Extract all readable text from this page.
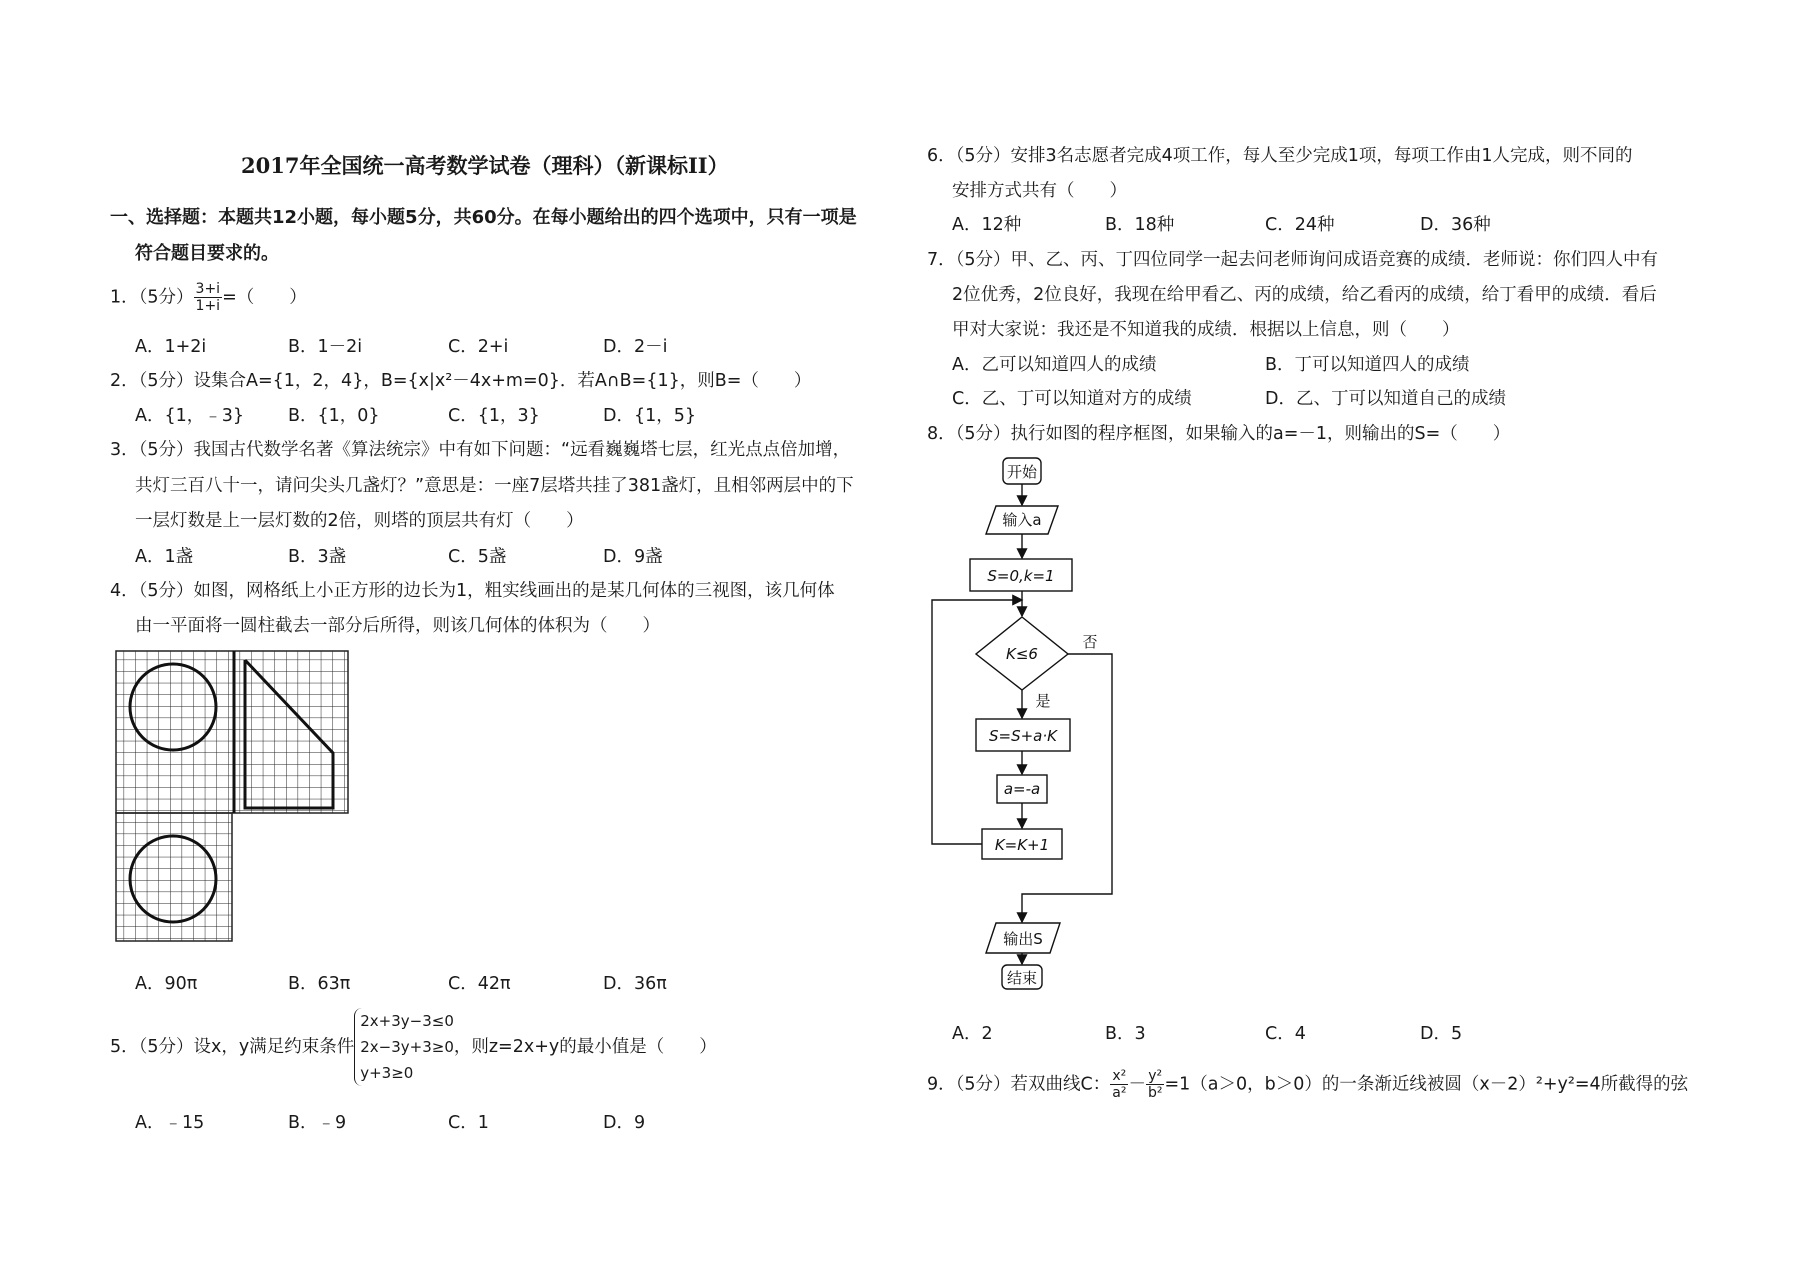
2017年全国统一高考数学试卷（理科）（新课标II）
一、选择题：本题共12小题，每小题5分，共60分。在每小题给出的四个选项中，只有一项是
符合题目要求的。
1．（5分） $\frac{3+i}{1+i}$ =（　　）
A．1+2i	B．1－2i	C．2+i	D．2－i
2．（5分）设集合A={1，2，4}，B={x|x²－4x+m=0}．若A∩B={1}，则B=（　　）
A．{1，﹣3}	B．{1，0}	C．{1，3}	D．{1，5}
3．（5分）我国古代数学名著《算法统宗》中有如下问题：“远看巍巍塔七层，红光点点倍加增，
共灯三百八十一，请问尖头几盏灯？”意思是：一座7层塔共挂了381盏灯，且相邻两层中的下
一层灯数是上一层灯数的2倍，则塔的顶层共有灯（　　）
A．1盏	B．3盏	C．5盏	D．9盏
4．（5分）如图，网格纸上小正方形的边长为1，粗实线画出的是某几何体的三视图，该几何体
由一平面将一圆柱截去一部分后所得，则该几何体的体积为（　　）
A．90π	B．63π	C．42π	D．36π
5．（5分）设x，y满足约束条件
2x+3y−3≤0
2x−3y+3≥0
y+3≥0
，则z=2x+y的最小值是（　　）
A．﹣15	B．﹣9	C．1	D．9
6．（5分）安排3名志愿者完成4项工作，每人至少完成1项，每项工作由1人完成，则不同的
安排方式共有（　　）
A．12种	B．18种	C．24种	D．36种
7．（5分）甲、乙、丙、丁四位同学一起去问老师询问成语竞赛的成绩．老师说：你们四人中有
2位优秀，2位良好，我现在给甲看乙、丙的成绩，给乙看丙的成绩，给丁看甲的成绩．看后
甲对大家说：我还是不知道我的成绩．根据以上信息，则（　　）
A．乙可以知道四人的成绩	B．丁可以知道四人的成绩
C．乙、丁可以知道对方的成绩	D．乙、丁可以知道自己的成绩
8．（5分）执行如图的程序框图，如果输入的a=－1，则输出的S=（　　）
开始
输入a
S=0,k=1
K≤6
否
是
S=S+a·K
a=-a
K=K+1
输出S
结束
A．2	B．3	C．4	D．5
9．（5分）若双曲线C： $\frac{\text{x²}}{\text{a²}} - \frac{\text{y²}}{\text{b²}} =1(a>0$，b＞0）的一条渐近线被圆（x－2）²+y²=4所截得的弦
